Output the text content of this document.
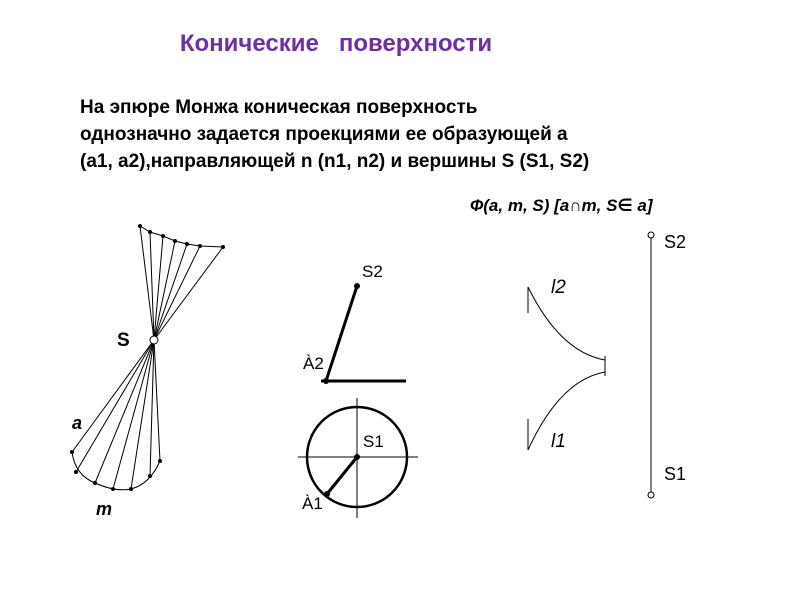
Конические   поверхности
На эпюре Монжа коническая поверхность
однозначно задается проекциями ее образующей а
(а1, а2),направляющей n (n1, n2) и вершины S (S1, S2)
Ф(a, m, S) [a∩m, S∈ a]
S
a
m
S2
À2
S1
À1
S2
l2
l1
S1
